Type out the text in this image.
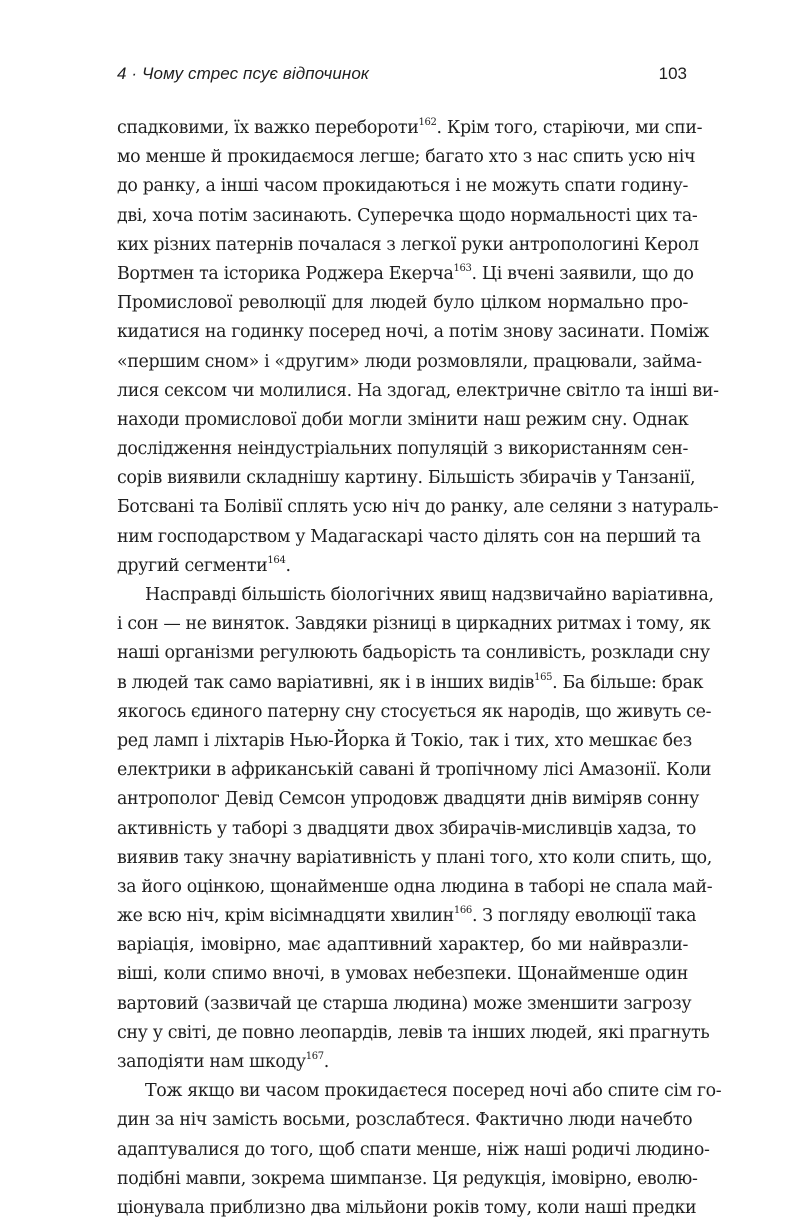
4 · Чому стрес псує відпочинок	103
спадковими, їх важко перебороти$^{162}$. Крім того, старіючи, ми спи-
мо менше й прокидаємося легше; багато хто з нас спить усю ніч
до ранку, а інші часом прокидаються і не можуть спати годину-
дві, хоча потім засинають. Суперечка щодо нормальності цих та-
ких різних патернів почалася з легкої руки антропологині Керол
Вортмен та історика Роджера Екерча$^{163}$. Ці вчені заявили, що до
Промислової революції для людей було цілком нормально про-
кидатися на годинку посеред ночі, а потім знову засинати. Поміж
«першим сном» і «другим» люди розмовляли, працювали, займа-
лися сексом чи молилися. На здогад, електричне світло та інші ви-
находи промислової доби могли змінити наш режим сну. Однак
дослідження неіндустріальних популяцій з використанням сен-
сорів виявили складнішу картину. Більшість збирачів у Танзанії,
Ботсвані та Болівії сплять усю ніч до ранку, але селяни з натураль-
ним господарством у Мадагаскарі часто ділять сон на перший та
другий сегменти$^{164}$.
Насправді більшість біологічних явищ надзвичайно варіативна,
і сон — не виняток. Завдяки різниці в циркадних ритмах і тому, як
наші організми регулюють бадьорість та сонливість, розклади сну
в людей так само варіативні, як і в інших видів$^{165}$. Ба більше: брак
якогось єдиного патерну сну стосується як народів, що живуть се-
ред ламп і ліхтарів Нью-Йорка й Токіо, так і тих, хто мешкає без
електрики в африканській савані й тропічному лісі Амазонії. Коли
антрополог Девід Семсон упродовж двадцяти днів виміряв сонну
активність у таборі з двадцяти двох збирачів-мисливців хадза, то
виявив таку значну варіативність у плані того, хто коли спить, що,
за його оцінкою, щонайменше одна людина в таборі не спала май-
же всю ніч, крім вісімнадцяти хвилин$^{166}$. З погляду еволюції така
варіація, імовірно, має адаптивний характер, бо ми найвразли-
віші, коли спимо вночі, в умовах небезпеки. Щонайменше один
вартовий (зазвичай це старша людина) може зменшити загрозу
сну у світі, де повно леопардів, левів та інших людей, які прагнуть
заподіяти нам шкоду$^{167}$.
Тож якщо ви часом прокидаєтеся посеред ночі або спите сім го-
дин за ніч замість восьми, розслабтеся. Фактично люди начебто
адаптувалися до того, щоб спати менше, ніж наші родичі людино-
подібні мавпи, зокрема шимпанзе. Ця редукція, імовірно, еволю-
ціонувала приблизно два мільйони років тому, коли наші предки
